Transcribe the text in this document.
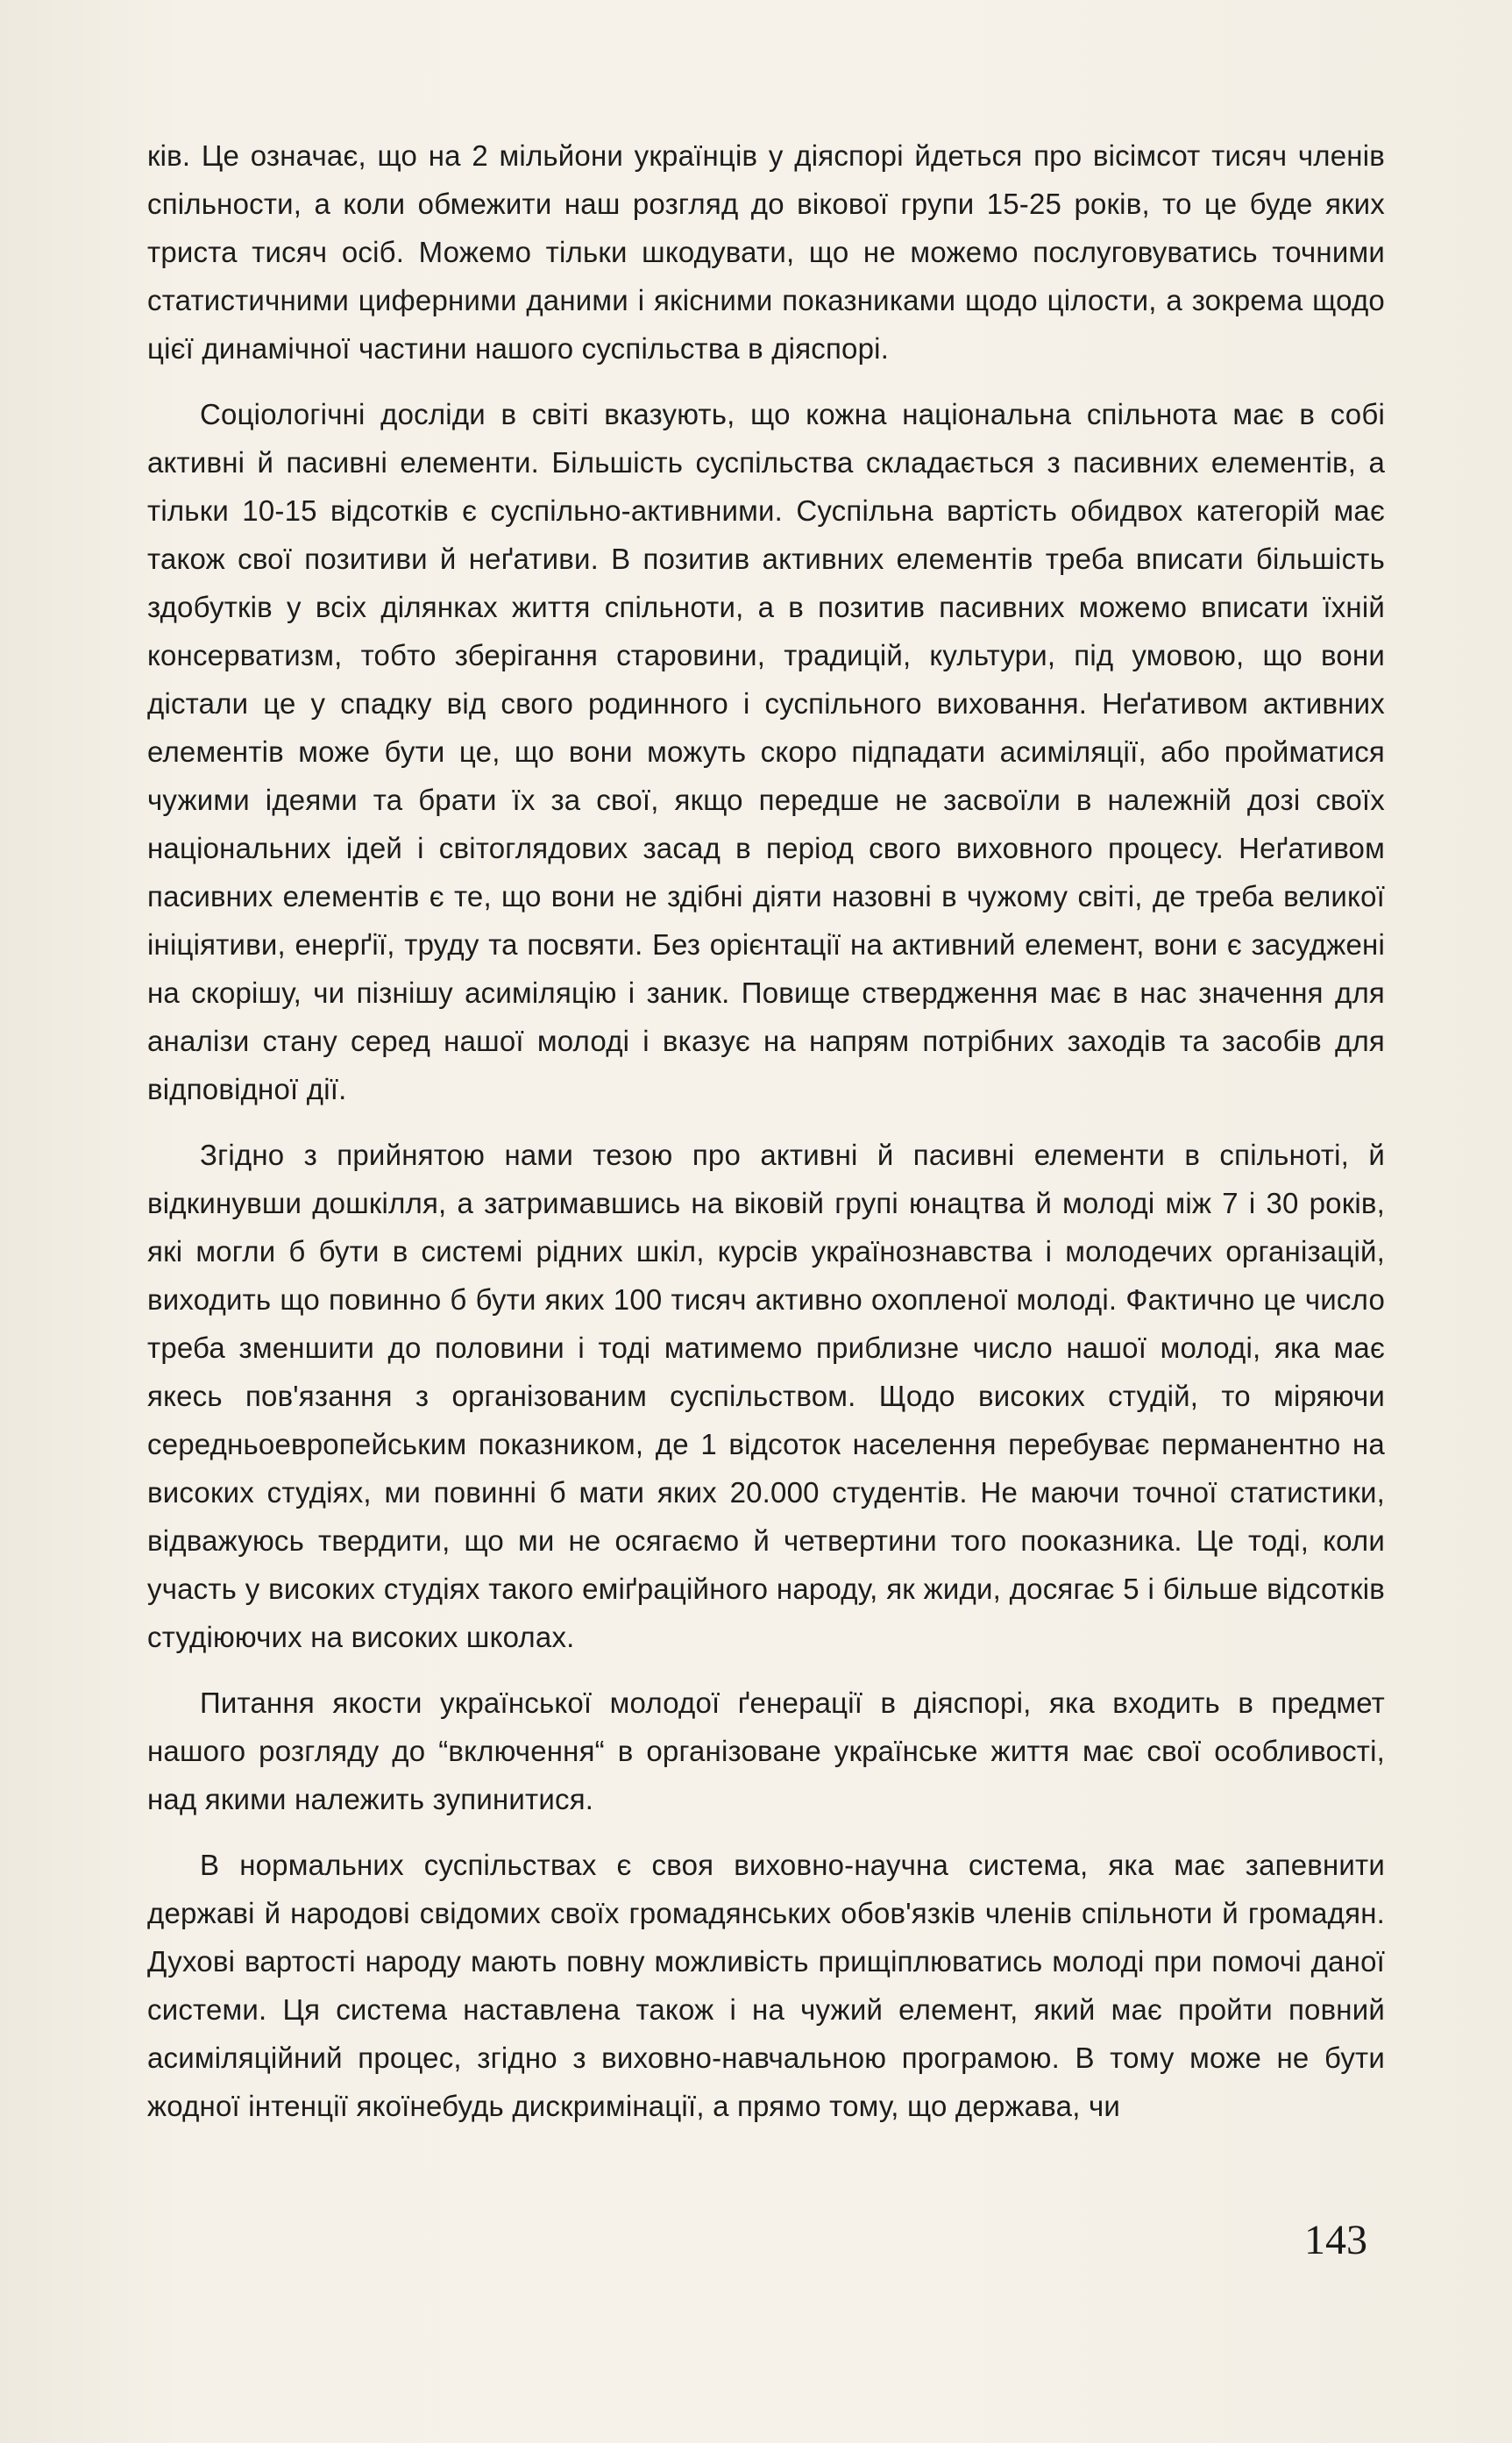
ків. Це означає, що на 2 мільйони українців у діяспорі йдеться про вісімсот тисяч членів спільности, а коли обмежити наш розгляд до вікової групи 15-25 років, то це буде яких триста тисяч осіб. Можемо тільки шкодувати, що не можемо послуговуватись точними статистичними циферними даними і якісними показниками щодо цілости, а зокрема щодо цієї динамічної частини нашого суспільства в діяспорі.

Соціологічні досліди в світі вказують, що кожна національна спільнота має в собі активні й пасивні елементи. Більшість суспільства складається з пасивних елементів, а тільки 10-15 відсотків є суспільно-активними. Суспільна вартість обидвох категорій має також свої позитиви й неґативи. В позитив активних елементів треба вписати більшість здобутків у всіх ділянках життя спільноти, а в позитив пасивних можемо вписати їхній консерватизм, тобто зберігання старовини, традицій, культури, під умовою, що вони дістали це у спадку від свого родинного і суспільного виховання. Неґативом активних елементів може бути це, що вони можуть скоро підпадати асиміляції, або пройматися чужими ідеями та брати їх за свої, якщо передше не засвоїли в належній дозі своїх національних ідей і світоглядових засад в період свого виховного процесу. Неґативом пасивних елементів є те, що вони не здібні діяти назовні в чужому світі, де треба великої ініціятиви, енерґії, труду та посвяти. Без орієнтації на активний елемент, вони є засуджені на скорішу, чи пізнішу асиміляцію і заник. Повище ствердження має в нас значення для аналізи стану серед нашої молоді і вказує на напрям потрібних заходів та засобів для відповідної дії.

Згідно з прийнятою нами тезою про активні й пасивні елементи в спільноті, й відкинувши дошкілля, а затримавшись на віковій групі юнацтва й молоді між 7 і 30 років, які могли б бути в системі рідних шкіл, курсів українознавства і молодечих організацій, виходить що повинно б бути яких 100 тисяч активно охопленої молоді. Фактично це число треба зменшити до половини і тоді матимемо приблизне число нашої молоді, яка має якесь пов'язання з організованим суспільством. Щодо високих студій, то міряючи середньоевропейським показником, де 1 відсоток населення перебуває перманентно на високих студіях, ми повинні б мати яких 20.000 студентів. Не маючи точної статистики, відважуюсь твердити, що ми не осягаємо й четвертини того пооказника. Це тоді, коли участь у високих студіях такого еміґраційного народу, як жиди, досягає 5 і більше відсотків студіюючих на високих школах.

Питання якости української молодої ґенерації в діяспорі, яка входить в предмет нашого розгляду до “включення“ в організоване українське життя має свої особливості, над якими належить зупинитися.

В нормальних суспільствах є своя виховно-научна система, яка має запевнити державі й народові свідомих своїх громадянських обов'язків членів спільноти й громадян. Духові вартості народу мають повну можливість прищіплюватись молоді при помочі даної системи. Ця система наставлена також і на чужий елемент, який має пройти повний асиміляційний процес, згідно з виховно-навчальною програмою. В тому може не бути жодної інтенції якоїнебудь дискримінації, а прямо тому, що держава, чи

143
